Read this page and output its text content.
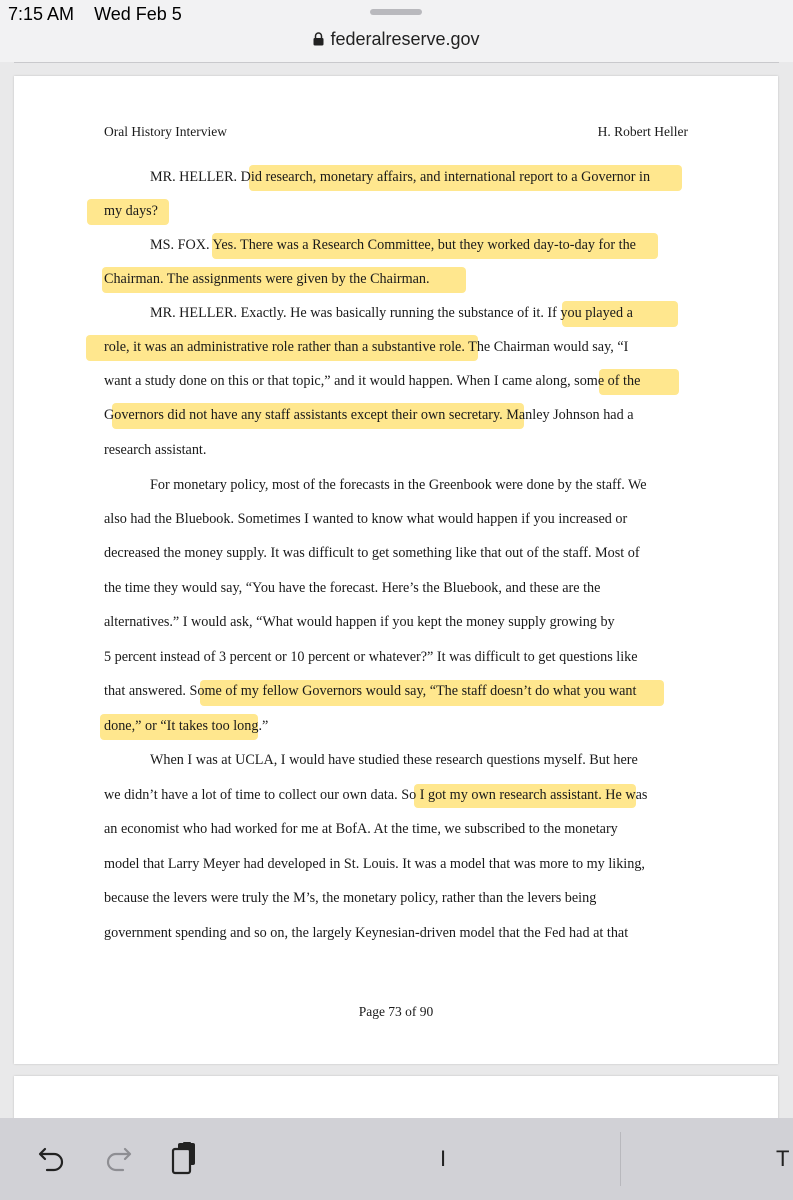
7:15 AM Wed Feb 5
federalreserve.gov
Oral History Interview	H. Robert Heller
MR. HELLER. Did research, monetary affairs, and international report to a Governor in
my days?
MS. FOX. Yes. There was a Research Committee, but they worked day-to-day for the
Chairman. The assignments were given by the Chairman.
MR. HELLER. Exactly. He was basically running the substance of it. If you played a
role, it was an administrative role rather than a substantive role. The Chairman would say, “I
want a study done on this or that topic,” and it would happen. When I came along, some of the
Governors did not have any staff assistants except their own secretary. Manley Johnson had a
research assistant.
For monetary policy, most of the forecasts in the Greenbook were done by the staff. We
also had the Bluebook. Sometimes I wanted to know what would happen if you increased or
decreased the money supply. It was difficult to get something like that out of the staff. Most of
the time they would say, “You have the forecast. Here’s the Bluebook, and these are the
alternatives.” I would ask, “What would happen if you kept the money supply growing by
5 percent instead of 3 percent or 10 percent or whatever?” It was difficult to get questions like
that answered. Some of my fellow Governors would say, “The staff doesn’t do what you want
done,” or “It takes too long.”
When I was at UCLA, I would have studied these research questions myself. But here
we didn’t have a lot of time to collect our own data. So I got my own research assistant. He was
an economist who had worked for me at BofA. At the time, we subscribed to the monetary
model that Larry Meyer had developed in St. Louis. It was a model that was more to my liking,
because the levers were truly the M’s, the monetary policy, rather than the levers being
government spending and so on, the largely Keynesian-driven model that the Fed had at that
Page 73 of 90
I	T
